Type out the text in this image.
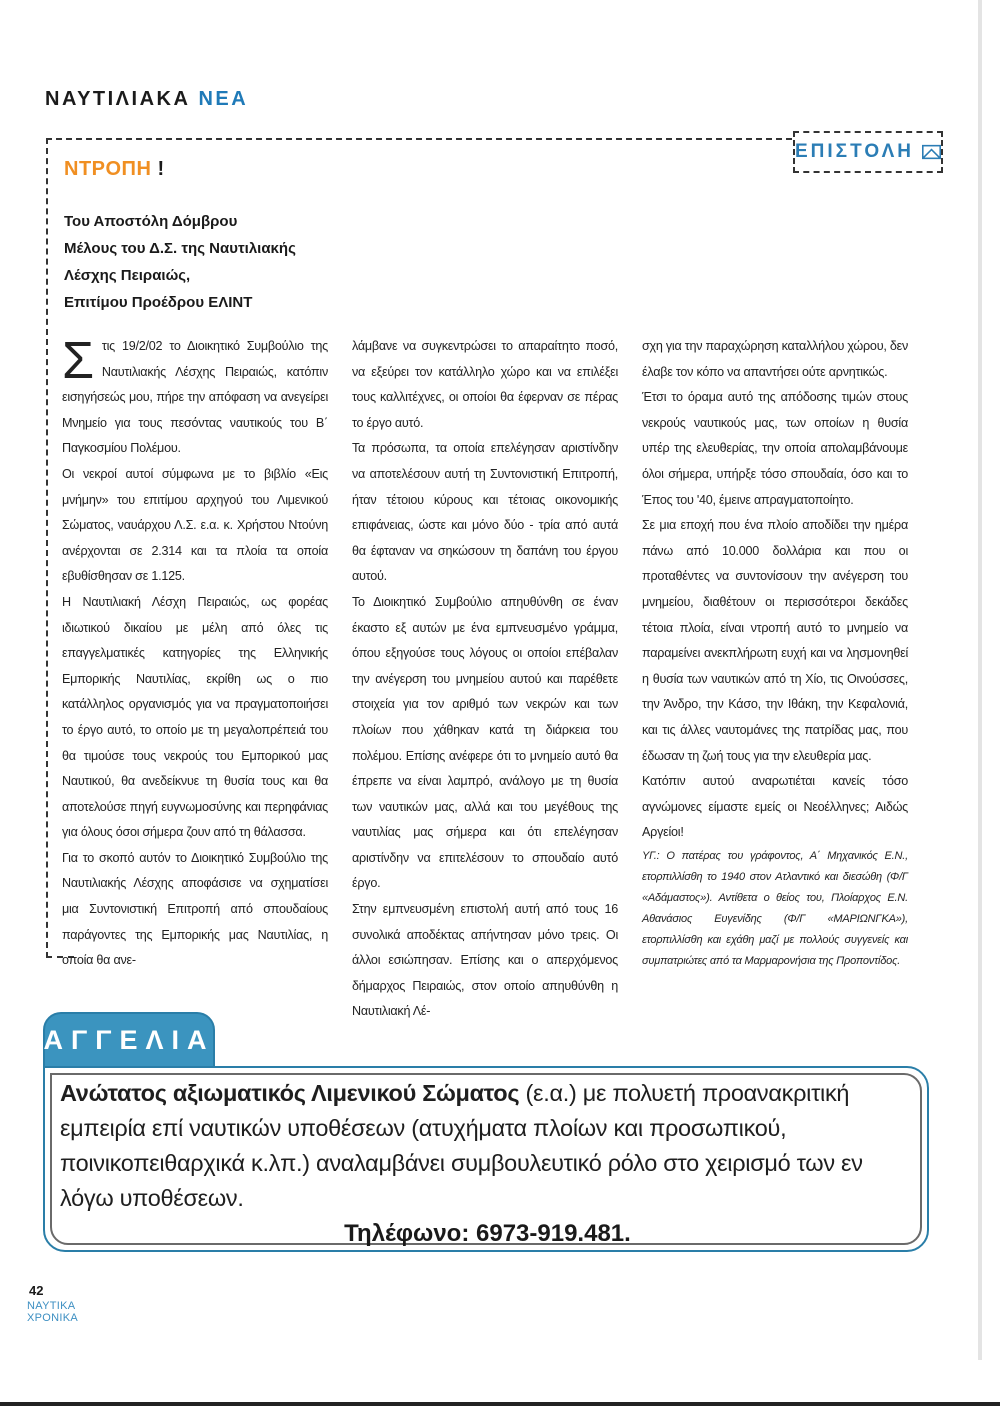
ΝΑΥΤΙΛΙΑΚΑ ΝΕΑ
ΕΠΙΣΤΟΛΗ
ΝΤΡΟΠΗ !
Του Αποστόλη Δόμβρου
Μέλους του Δ.Σ. της Ναυτιλιακής
Λέσχης Πειραιώς,
Επιτίμου Προέδρου ΕΛΙΝΤ

Στις 19/2/02 το Διοικητικό Συμβούλιο της Ναυτιλιακής Λέσχης Πειραιώς, κατόπιν εισηγήσεώς μου, πήρε την απόφαση να ανεγείρει Μνημείο για τους πεσόντας ναυτικούς του Β΄ Παγκοσμίου Πολέμου.

Οι νεκροί αυτοί σύμφωνα με το βιβλίο «Εις μνήμην» του επιτίμου αρχηγού του Λιμενικού Σώματος, ναυάρχου Λ.Σ. ε.α. κ. Χρήστου Ντούνη ανέρχονται σε 2.314 και τα πλοία τα οποία εβυθίσθησαν σε 1.125.

Η Ναυτιλιακή Λέσχη Πειραιώς, ως φορέας ιδιωτικού δικαίου με μέλη από όλες τις επαγγελματικές κατηγορίες της Ελληνικής Εμπορικής Ναυτιλίας, εκρίθη ως ο πιο κατάλληλος οργανισμός για να πραγματοποιήσει το έργο αυτό, το οποίο με τη μεγαλοπρέπειά του θα τιμούσε τους νεκρούς του Εμπορικού μας Ναυτικού, θα ανεδείκνυε τη θυσία τους και θα αποτελούσε πηγή ευγνωμοσύνης και περηφάνιας για όλους όσοι σήμερα ζουν από τη θάλασσα.

Για το σκοπό αυτόν το Διοικητικό Συμβούλιο της Ναυτιλιακής Λέσχης αποφάσισε να σχηματίσει μια Συντονιστική Επιτροπή από σπουδαίους παράγοντες της Εμπορικής μας Ναυτιλίας, η οποία θα ανε-

λάμβανε να συγκεντρώσει το απαραίτητο ποσό, να εξεύρει τον κατάλληλο χώρο και να επιλέξει τους καλλιτέχνες, οι οποίοι θα έφερναν σε πέρας το έργο αυτό.

Τα πρόσωπα, τα οποία επελέγησαν αριστίνδην να αποτελέσουν αυτή τη Συντονιστική Επιτροπή, ήταν τέτοιου κύρους και τέτοιας οικονομικής επιφάνειας, ώστε και μόνο δύο - τρία από αυτά θα έφταναν να σηκώσουν τη δαπάνη του έργου αυτού.

Το Διοικητικό Συμβούλιο απηυθύνθη σε έναν έκαστο εξ αυτών με ένα εμπνευσμένο γράμμα, όπου εξηγούσε τους λόγους οι οποίοι επέβαλαν την ανέγερση του μνημείου αυτού και παρέθετε στοιχεία για τον αριθμό των νεκρών και των πλοίων που χάθηκαν κατά τη διάρκεια του πολέμου. Επίσης ανέφερε ότι το μνημείο αυτό θα έπρεπε να είναι λαμπρό, ανάλογο με τη θυσία των ναυτικών μας, αλλά και του μεγέθους της ναυτιλίας μας σήμερα και ότι επελέγησαν αριστίνδην να επιτελέσουν το σπουδαίο αυτό έργο.

Στην εμπνευσμένη επιστολή αυτή από τους 16 συνολικά αποδέκτας απήντησαν μόνο τρεις. Οι άλλοι εσιώπησαν. Επίσης και ο απερχόμενος δήμαρχος Πειραιώς, στον οποίο απηυθύνθη η Ναυτιλιακή Λέ-

σχη για την παραχώρηση καταλλήλου χώρου, δεν έλαβε τον κόπο να απαντήσει ούτε αρνητικώς.

Έτσι το όραμα αυτό της απόδοσης τιμών στους νεκρούς ναυτικούς μας, των οποίων η θυσία υπέρ της ελευθερίας, την οποία απολαμβάνουμε όλοι σήμερα, υπήρξε τόσο σπουδαία, όσο και το Έπος του '40, έμεινε απραγματοποίητο.

Σε μια εποχή που ένα πλοίο αποδίδει την ημέρα πάνω από 10.000 δολλάρια και που οι προταθέντες να συντονίσουν την ανέγερση του μνημείου, διαθέτουν οι περισσότεροι δεκάδες τέτοια πλοία, είναι ντροπή αυτό το μνημείο να παραμείνει ανεκπλήρωτη ευχή και να λησμονηθεί η θυσία των ναυτικών από τη Χίο, τις Οινούσσες, την Άνδρο, την Κάσο, την Ιθάκη, την Κεφαλονιά, και τις άλλες ναυτομάνες της πατρίδας μας, που έδωσαν τη ζωή τους για την ελευθερία μας.

Κατόπιν αυτού αναρωτιέται κανείς τόσο αγνώμονες είμαστε εμείς οι Νεοέλληνες; Αιδώς Αργείοι!

ΥΓ.: Ο πατέρας του γράφοντος, Α΄ Μηχανικός Ε.Ν., ετορπιλλίσθη το 1940 στον Ατλαντικό και διεσώθη (Φ/Γ «Αδάμαστος»). Αντίθετα ο θείος του, Πλοίαρχος Ε.Ν. Αθανάσιος Ευγενίδης (Φ/Γ «ΜΑΡΙΩΝΓΚΑ»), ετορπιλλίσθη και εχάθη μαζί με πολλούς συγγενείς και συμπατριώτες από τα Μαρμαρονήσια της Προποντίδος.

ΑΓΓΕΛΙΑ
Ανώτατος αξιωματικός Λιμενικού Σώματος (ε.α.) με πολυετή προανακριτική εμπειρία επί ναυτικών υποθέσεων (ατυχήματα πλοίων και προσωπικού, ποινικοπειθαρχικά κ.λπ.) αναλαμβάνει συμβουλευτικό ρόλο στο χειρισμό των εν λόγω υποθέσεων.
Τηλέφωνο: 6973-919.481.
42
ΝΑΥΤΙΚΑ
ΧΡΟΝΙΚΑ
